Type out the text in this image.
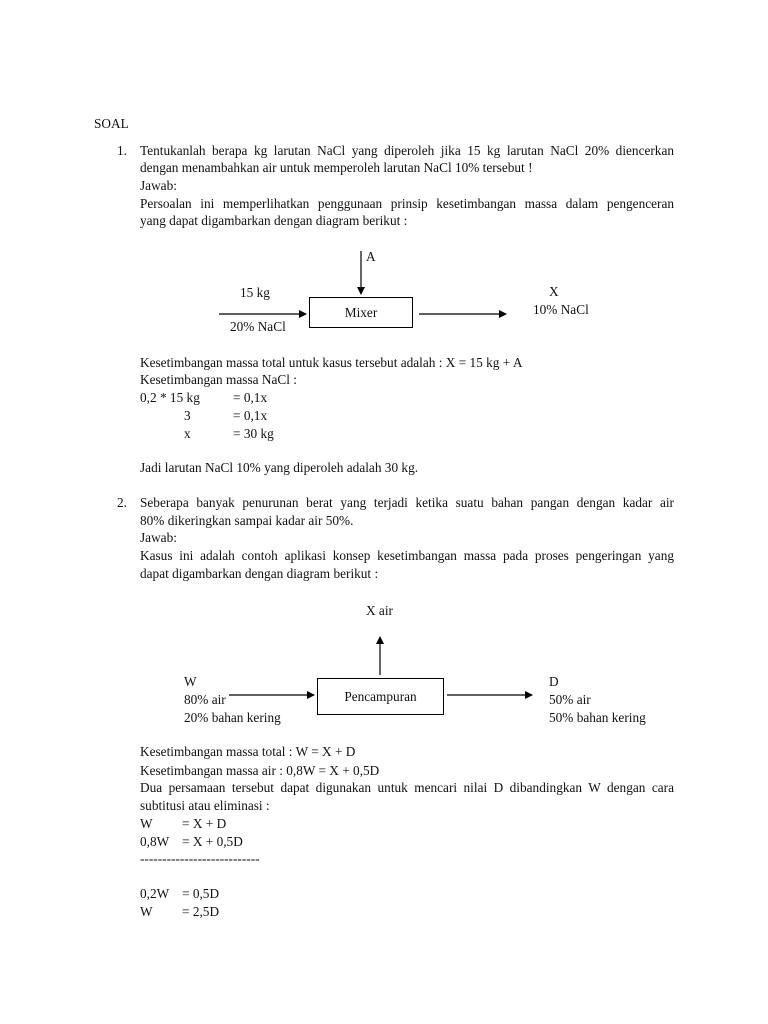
SOAL
1. Tentukanlah berapa kg larutan NaCl yang diperoleh jika 15 kg larutan NaCl 20% diencerkan
dengan menambahkan air untuk memperoleh larutan NaCl 10% tersebut !
Jawab:
Persoalan ini memperlihatkan penggunaan prinsip kesetimbangan massa dalam pengenceran
yang dapat digambarkan dengan diagram berikut :
A
15 kg
20% NaCl
Mixer
X
10% NaCl
Kesetimbangan massa total untuk kasus tersebut adalah : X = 15 kg + A
Kesetimbangan massa NaCl :
0,2 * 15 kg = 0,1x
3	= 0,1x
x	= 30 kg
Jadi larutan NaCl 10% yang diperoleh adalah 30 kg.
2. Seberapa banyak penurunan berat yang terjadi ketika suatu bahan pangan dengan kadar air
80% dikeringkan sampai kadar air 50%.
Jawab:
Kasus ini adalah contoh aplikasi konsep kesetimbangan massa pada proses pengeringan yang
dapat digambarkan dengan diagram berikut :
X air
W
80% air
20% bahan kering
Pencampuran
D
50% air
50% bahan kering
Kesetimbangan massa total : W = X + D
Kesetimbangan massa air : 0,8W = X + 0,5D
Dua persamaan tersebut dapat digunakan untuk mencari nilai D dibandingkan W dengan cara
subtitusi atau eliminasi :
W = X + D
0,8W = X + 0,5D
---------------------------
0,2W = 0,5D
W = 2,5D
